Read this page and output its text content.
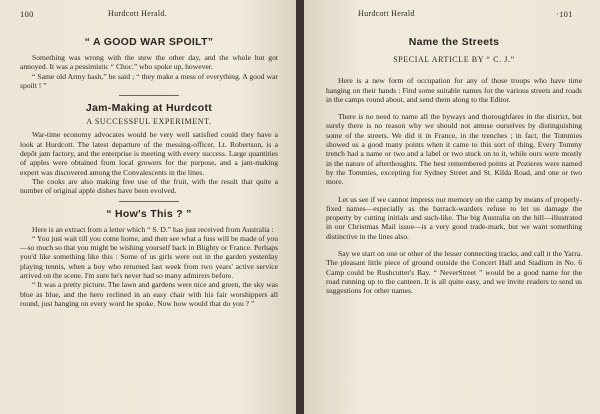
100	Hurdcott Herald.
“ A GOOD WAR SPOILT”

Something was wrong with the stew the other day, and the whole hut got annoyed. It was a pessimistic “ Choc.” who spoke up, however.

“ Same old Army hash,” he said ; “ they make a mess of everything. A good war spoilt ! ”

Jam-Making at Hurdcott
A SUCCESSFUL EXPERIMENT.

War-time economy advocates would be very well satisfied could they have a look at Hurdcott. The latest departure of the messing-officer, Lt. Robertson, is a depôt jam factory, and the enterprise is meeting with every success. Large quantities of apples were obtained from local growers for the purpose, and a jam-making expert was discovered among the Convalescents in the lines.

The cooks are also making free use of the fruit, with the result that quite a number of original apple dishes have been evolved.

“ How's This ? ”

Here is an extract from a letter which “ S. D.” has just received from Australia :

“ You just wait till you come home, and then see what a fuss will be made of you—so much so that you might be wishing yourself back in Blighty or France. Perhaps you'd like something like this : Some of us girls were out in the garden yesterday playing tennis, when a boy who returned last week from two years' active service arrived on the scene. I'm sure he's never had so many admirers before.

“ It was a pretty picture. The lawn and gardens were nice and green, the sky was blue as blue, and the hero reclined in an easy chair with his fair worshippers all round, just hanging on every word he spoke. Now how would that do you ? ”

Hurdcott Herald	·101
Name the Streets
SPECIAL ARTICLE BY “ C. J.”

Here is a new form of occupation for any of those troops who have time hanging on their hands : Find some suitable names for the various streets and roads in the camps round about, and send them along to the Editor.

There is no need to name all the byways and thoroughfares in the district, but surely there is no reason why we should not amuse ourselves by distinguishing some of the streets. We did it in France, in the trenches ; in fact, the Tommies showed us a good many points when it came to this sort of thing. Every Tommy trench had a name or two and a label or two stuck on to it, while ours were mostly in the nature of afterthoughts. The best remembered points at Pozieres were named by the Tommies, excepting for Sydney Street and St. Kilda Road, and one or two more.

Let us see if we cannot impress our memory on the camp by means of properly-fixed names—especially as the barrack-warders refuse to let us damage the property by cutting initials and such-like. The big Australia on the hill—illustrated in our Christmas Mail issue—is a very good trade-mark, but we want something distinctive in the lines also.

Say we start on one or other of the lesser connecting tracks, and call it the Yarra. The pleasant little piece of ground outside the Concert Hall and Stadium in No. 6 Camp could be Rushcutter's Bay. “ NeverStreet ” would be a good name for the road running up to the canteen. It is all quite easy, and we invite readers to send us suggestions for other names.
